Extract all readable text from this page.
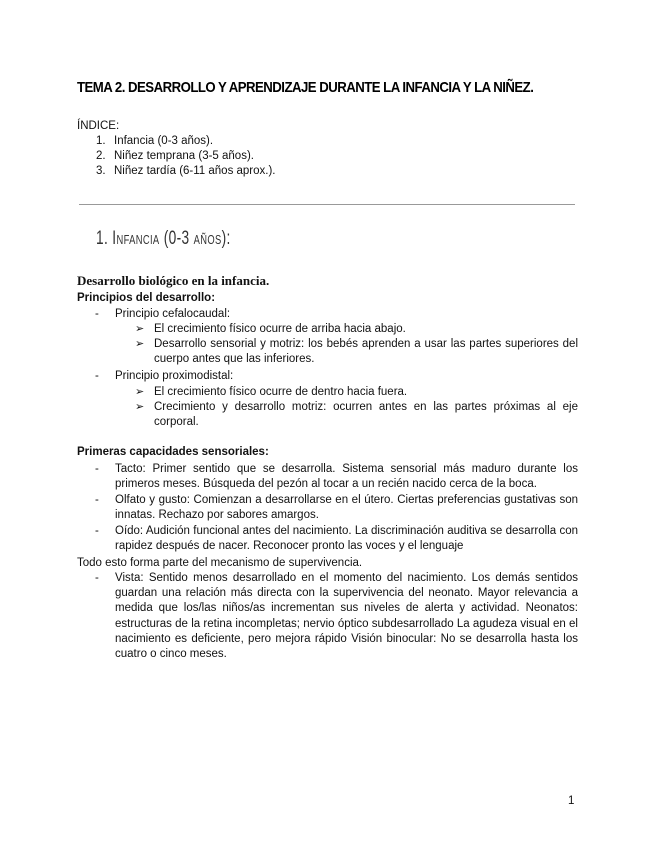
TEMA 2. DESARROLLO Y APRENDIZAJE DURANTE LA INFANCIA Y LA NIÑEZ.
ÍNDICE:
1. Infancia (0-3 años).
2. Niñez temprana (3-5 años).
3. Niñez tardía (6-11 años aprox.).
1. Infancia (0-3 años):
Desarrollo biológico en la infancia.
Principios del desarrollo:
- Principio cefalocaudal:
➢ El crecimiento físico ocurre de arriba hacia abajo.
➢ Desarrollo sensorial y motriz: los bebés aprenden a usar las partes superiores del cuerpo antes que las inferiores.
- Principio proximodistal:
➢ El crecimiento físico ocurre de dentro hacia fuera.
➢ Crecimiento y desarrollo motriz: ocurren antes en las partes próximas al eje corporal.
Primeras capacidades sensoriales:
- Tacto: Primer sentido que se desarrolla. Sistema sensorial más maduro durante los primeros meses. Búsqueda del pezón al tocar a un recién nacido cerca de la boca.
- Olfato y gusto: Comienzan a desarrollarse en el útero. Ciertas preferencias gustativas son innatas. Rechazo por sabores amargos.
- Oído: Audición funcional antes del nacimiento. La discriminación auditiva se desarrolla con rapidez después de nacer. Reconocer pronto las voces y el lenguaje
Todo esto forma parte del mecanismo de supervivencia.
- Vista: Sentido menos desarrollado en el momento del nacimiento. Los demás sentidos guardan una relación más directa con la supervivencia del neonato. Mayor relevancia a medida que los/las niños/as incrementan sus niveles de alerta y actividad. Neonatos: estructuras de la retina incompletas; nervio óptico subdesarrollado La agudeza visual en el nacimiento es deficiente, pero mejora rápido Visión binocular: No se desarrolla hasta los cuatro o cinco meses.
1
